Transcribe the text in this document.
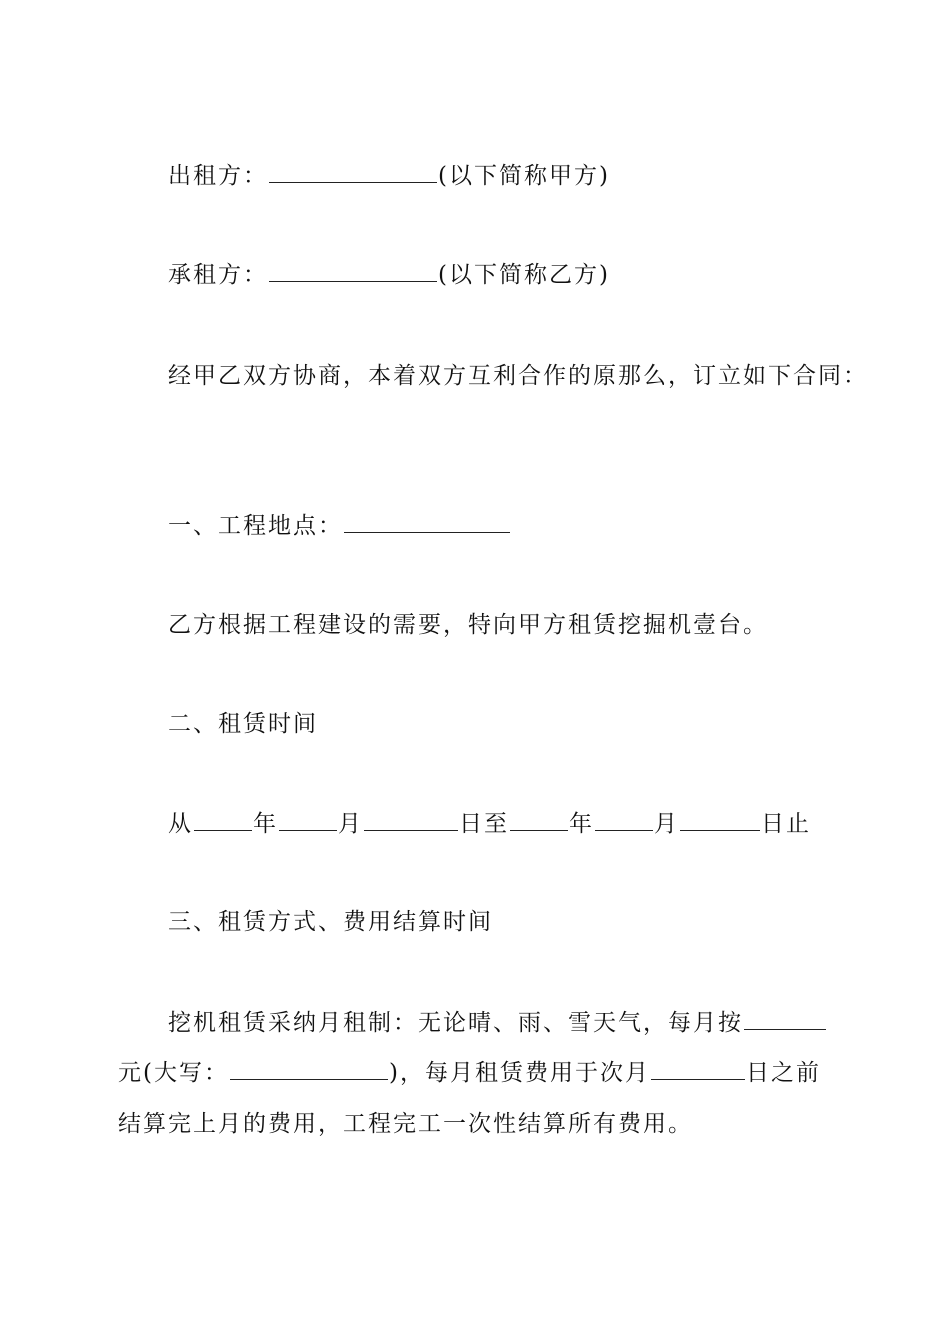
出租方：	(以下简称甲方)
承租方：	(以下简称乙方)
经甲乙双方协商，本着双方互利合作的原那么，订立如下合同：
一、工程地点：
乙方根据工程建设的需要，特向甲方租赁挖掘机壹台。
二、租赁时间
从	年	月	日至	年	月	日止
三、租赁方式、费用结算时间
挖机租赁采纳月租制：无论晴、雨、雪天气，每月按
元(大写：	)，每月租赁费用于次月	日之前
结算完上月的费用，工程完工一次性结算所有费用。
